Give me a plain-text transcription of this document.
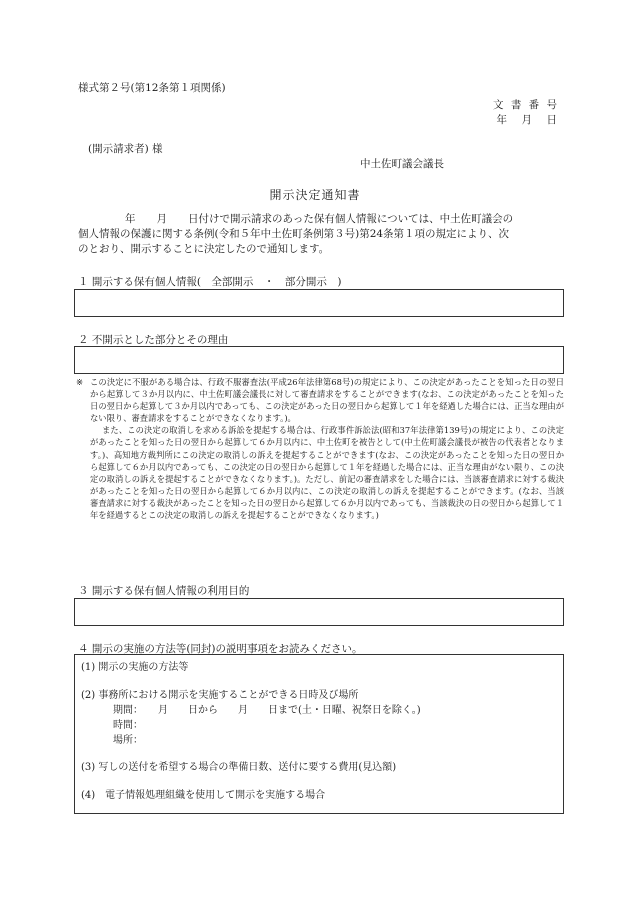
様式第２号(第12条第１項関係)
文 書 番 号
年　月　日
(開示請求者) 様
中土佐町議会議長
開示決定通知書
年　　月　　日付けで開示請求のあった保有個人情報については、中土佐町議会の
個人情報の保護に関する条例(令和５年中土佐町条例第３号)第24条第１項の規定により、次
のとおり、開示することに決定したので通知します。
１ 開示する保有個人情報(　全部開示　・　部分開示　)
２ 不開示とした部分とその理由
※ この決定に不服がある場合は、行政不服審査法(平成26年法律第68号)の規定により、この決定があったことを知った日の翌日から起算して３か月以内に、中土佐町議会議長に対して審査請求をすることができます(なお、この決定があったことを知った日の翌日から起算して３か月以内であっても、この決定があった日の翌日から起算して１年を経過した場合には、正当な理由がない限り、審査請求をすることができなくなります。)。

また、この決定の取消しを求める訴訟を提起する場合は、行政事件訴訟法(昭和37年法律第139号)の規定により、この決定があったことを知った日の翌日から起算して６か月以内に、中土佐町を被告として(中土佐町議会議長が被告の代表者となります。)、高知地方裁判所にこの決定の取消しの訴えを提起することができます(なお、この決定があったことを知った日の翌日から起算して６か月以内であっても、この決定の日の翌日から起算して１年を経過した場合には、正当な理由がない限り、この決定の取消しの訴えを提起することができなくなります。)。ただし、前記の審査請求をした場合には、当該審査請求に対する裁決があったことを知った日の翌日から起算して６か月以内に、この決定の取消しの訴えを提起することができます。(なお、当該審査請求に対する裁決があったことを知った日の翌日から起算して６か月以内であっても、当該裁決の日の翌日から起算して１年を経過するとこの決定の取消しの訴えを提起することができなくなります。)

３ 開示する保有個人情報の利用目的
４ 開示の実施の方法等(同封)の説明事項をお読みください。
(1) 開示の実施の方法等
(2) 事務所における開示を実施することができる日時及び場所
期間：　　月　　日から　　月　　日まで(土・日曜、祝祭日を除く。)
時間：
場所：
(3) 写しの送付を希望する場合の準備日数、送付に要する費用(見込額)
(4)　電子情報処理組織を使用して開示を実施する場合
